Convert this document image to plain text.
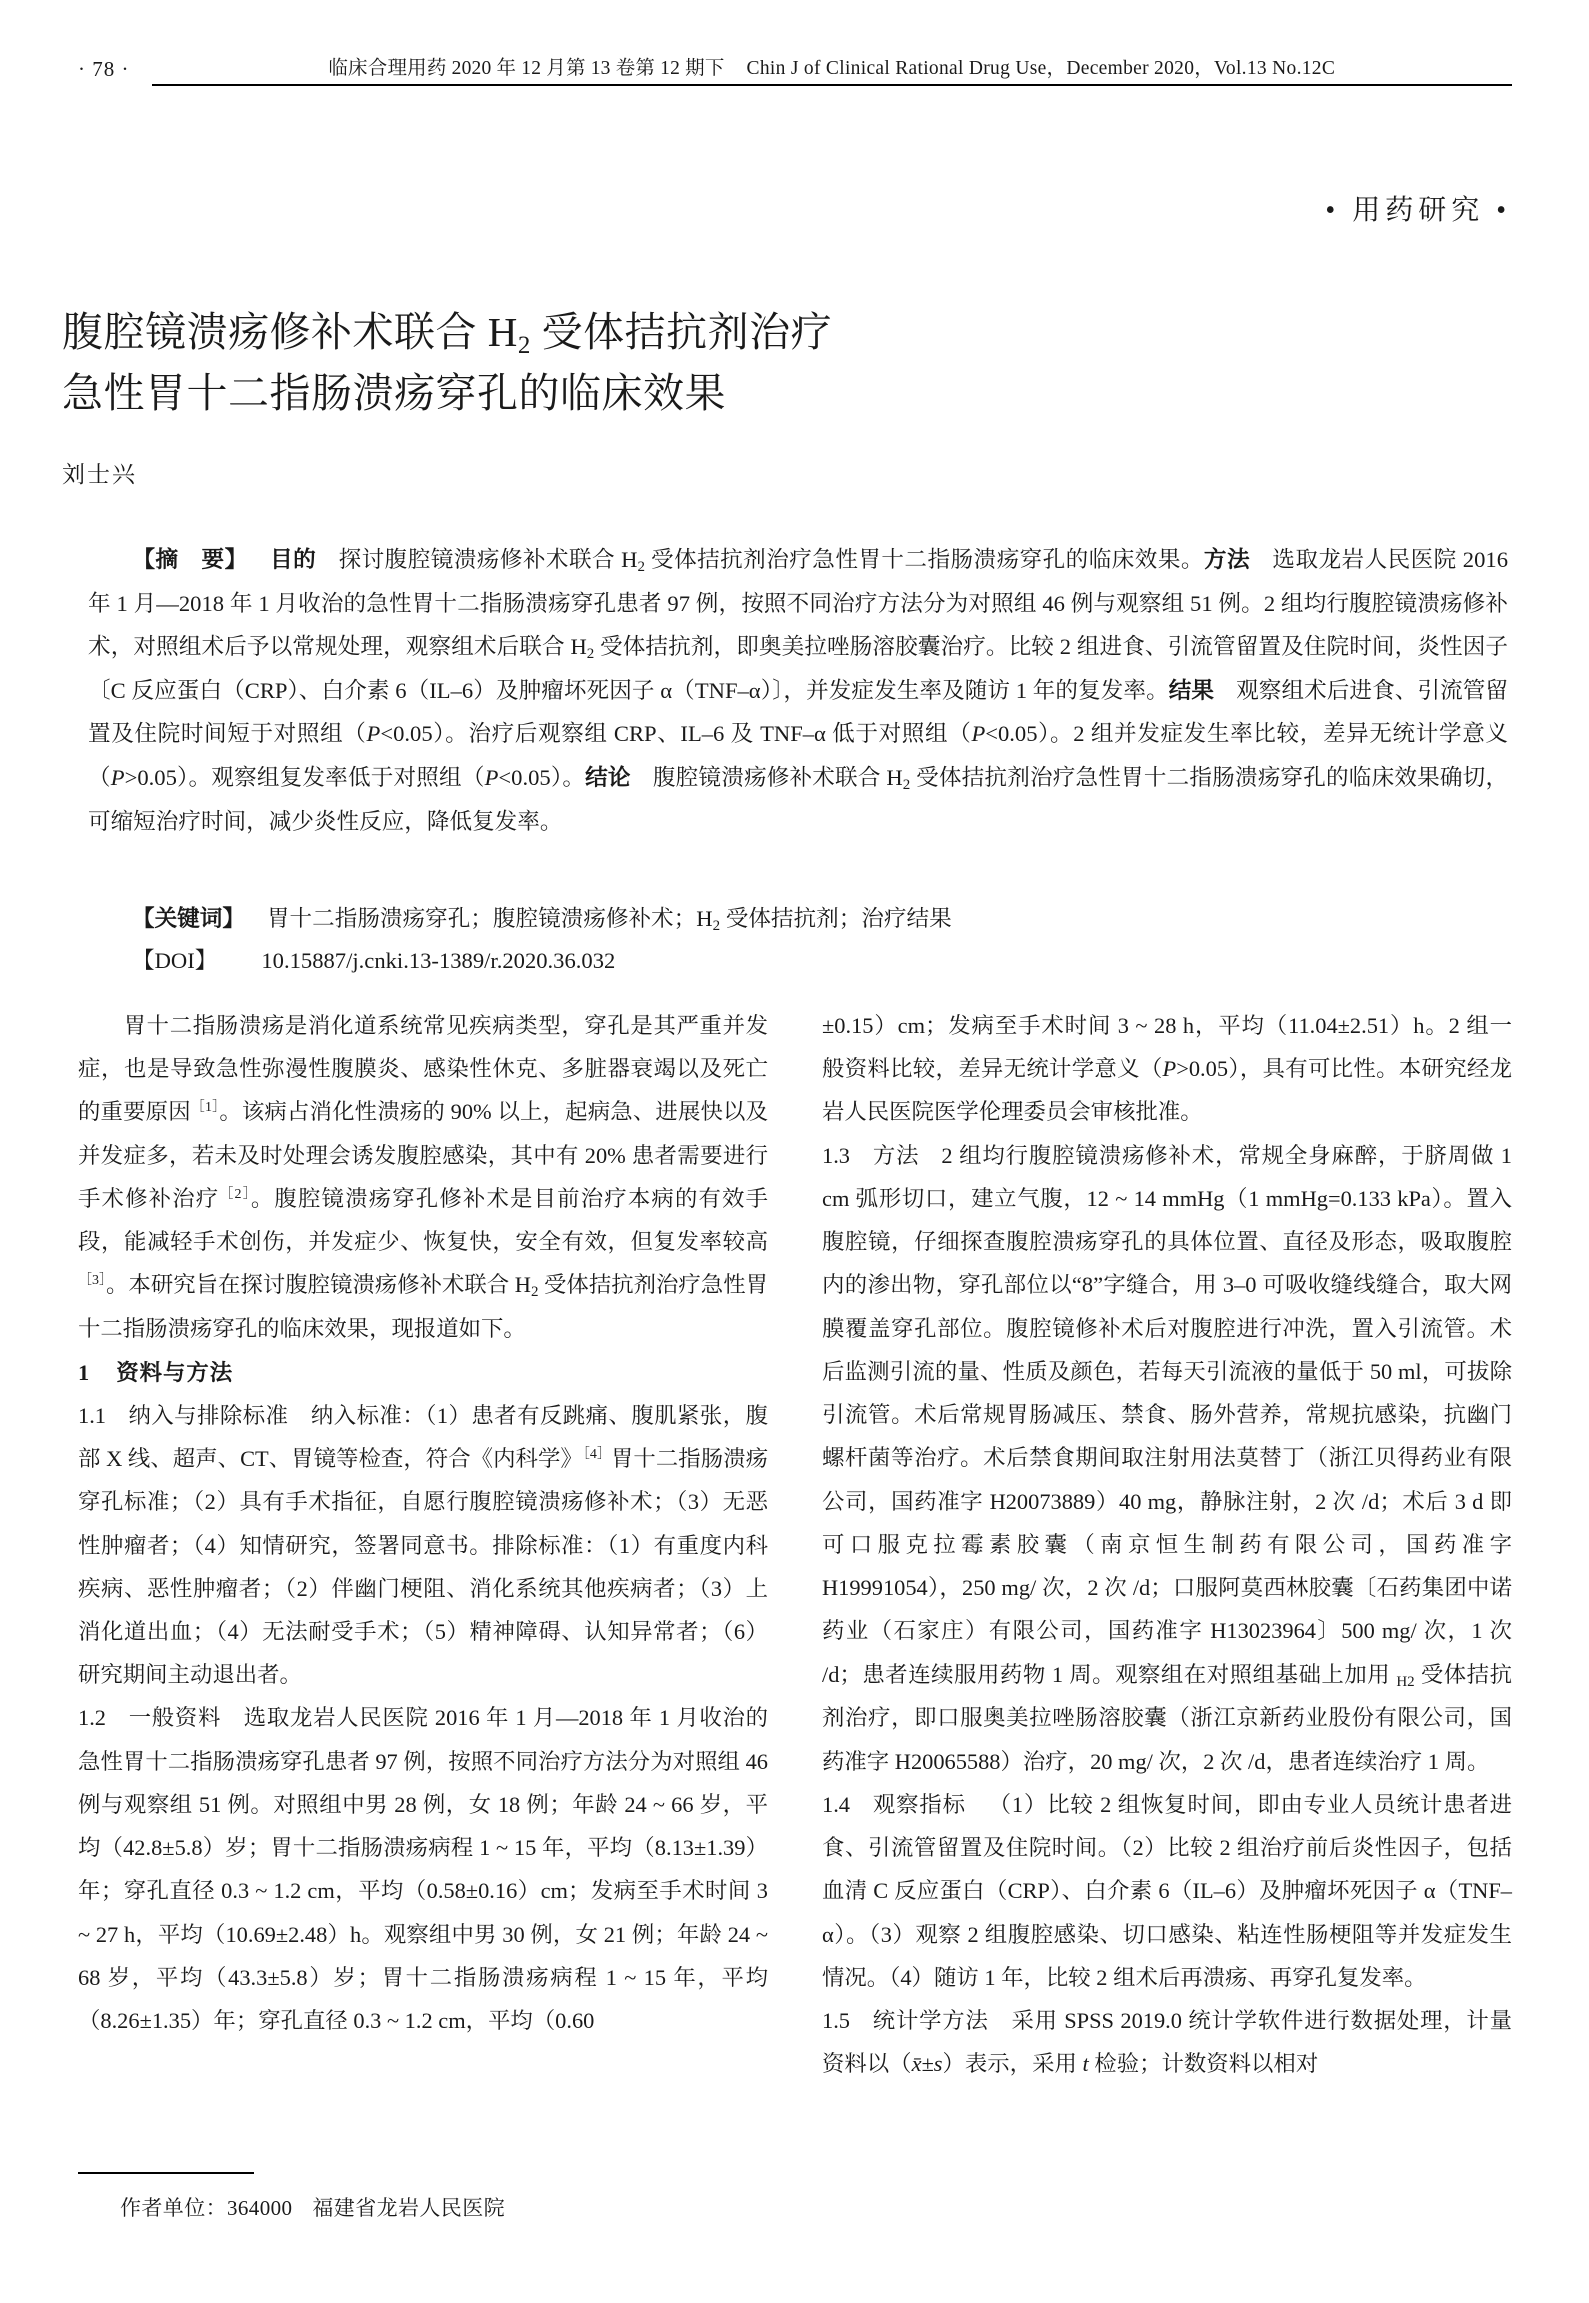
· 78 ·	临床合理用药 2020 年 12 月第 13 卷第 12 期下 Chin J of Clinical Rational Drug Use，December 2020，Vol.13 No.12C
• 用药研究 •
腹腔镜溃疡修补术联合 $H_2$ 受体拮抗剂治疗
急性胃十二指肠溃疡穿孔的临床效果
刘士兴

【摘　要】 目的 探讨腹腔镜溃疡修补术联合 $H_2$ 受体拮抗剂治疗急性胃十二指肠溃疡穿孔的临床效果。方法 选取龙岩人民医院 2016 年 1 月—2018 年 1 月收治的急性胃十二指肠溃疡穿孔患者 97 例，按照不同治疗方法分为对照组 46 例与观察组 51 例。2 组均行腹腔镜溃疡修补术，对照组术后予以常规处理，观察组术后联合 $H_2$ 受体拮抗剂，即奥美拉唑肠溶胶囊治疗。比较 2 组进食、引流管留置及住院时间，炎性因子〔C 反应蛋白（CRP）、白介素 6（IL–6）及肿瘤坏死因子 α（TNF–α）〕，并发症发生率及随访 1 年的复发率。结果 观察组术后进食、引流管留置及住院时间短于对照组（P<0.05）。治疗后观察组 CRP、IL–6 及 TNF–α 低于对照组（P<0.05）。2 组并发症发生率比较，差异无统计学意义（P>0.05）。观察组复发率低于对照组（P<0.05）。结论 腹腔镜溃疡修补术联合 $H_2$ 受体拮抗剂治疗急性胃十二指肠溃疡穿孔的临床效果确切，可缩短治疗时间，减少炎性反应，降低复发率。

【关键词】 胃十二指肠溃疡穿孔；腹腔镜溃疡修补术；$H_2$ 受体拮抗剂；治疗结果
【DOI】 10.15887/j.cnki.13-1389/r.2020.36.032

胃十二指肠溃疡是消化道系统常见疾病类型，穿孔是其严重并发症，也是导致急性弥漫性腹膜炎、感染性休克、多脏器衰竭以及死亡的重要原因$^{[1]}$。该病占消化性溃疡的 90% 以上，起病急、进展快以及并发症多，若未及时处理会诱发腹腔感染，其中有 20% 患者需要进行手术修补治疗$^{[2]}$。腹腔镜溃疡穿孔修补术是目前治疗本病的有效手段，能减轻手术创伤，并发症少、恢复快，安全有效，但复发率较高$^{[3]}$。本研究旨在探讨腹腔镜溃疡修补术联合 $H_2$ 受体拮抗剂治疗急性胃十二指肠溃疡穿孔的临床效果，现报道如下。

1 资料与方法

1.1 纳入与排除标准 纳入标准：（1）患者有反跳痛、腹肌紧张，腹部 X 线、超声、CT、胃镜等检查，符合《内科学》$^{[4]}$胃十二指肠溃疡穿孔标准；（2）具有手术指征，自愿行腹腔镜溃疡修补术；（3）无恶性肿瘤者；（4）知情研究，签署同意书。排除标准：（1）有重度内科疾病、恶性肿瘤者；（2）伴幽门梗阻、消化系统其他疾病者；（3）上消化道出血；（4）无法耐受手术；（5）精神障碍、认知异常者；（6）研究期间主动退出者。

1.2 一般资料 选取龙岩人民医院 2016 年 1 月—2018 年 1 月收治的急性胃十二指肠溃疡穿孔患者 97 例，按照不同治疗方法分为对照组 46 例与观察组 51 例。对照组中男 28 例，女 18 例；年龄 24 ~ 66 岁，平均（42.8±5.8）岁；胃十二指肠溃疡病程 1 ~ 15 年，平均（8.13±1.39）年；穿孔直径 0.3 ~ 1.2 cm，平均（0.58±0.16）cm；发病至手术时间 3 ~ 27 h，平均（10.69±2.48）h。观察组中男 30 例，女 21 例；年龄 24 ~ 68 岁，平均（43.3±5.8）岁；胃十二指肠溃疡病程 1 ~ 15 年，平均（8.26±1.35）年；穿孔直径 0.3 ~ 1.2 cm，平均（0.60

±0.15）cm；发病至手术时间 3 ~ 28 h，平均（11.04±2.51）h。2 组一般资料比较，差异无统计学意义（P>0.05），具有可比性。本研究经龙岩人民医院医学伦理委员会审核批准。

1.3 方法 2 组均行腹腔镜溃疡修补术，常规全身麻醉，于脐周做 1 cm 弧形切口，建立气腹，12 ~ 14 mmHg（1 mmHg=0.133 kPa）。置入腹腔镜，仔细探查腹腔溃疡穿孔的具体位置、直径及形态，吸取腹腔内的渗出物，穿孔部位以“8”字缝合，用 3–0 可吸收缝线缝合，取大网膜覆盖穿孔部位。腹腔镜修补术后对腹腔进行冲洗，置入引流管。术后监测引流的量、性质及颜色，若每天引流液的量低于 50 ml，可拔除引流管。术后常规胃肠减压、禁食、肠外营养，常规抗感染，抗幽门螺杆菌等治疗。术后禁食期间取注射用法莫替丁（浙江贝得药业有限公司，国药准字 H20073889）40 mg，静脉注射，2 次 /d；术后 3 d 即可口服克拉霉素胶囊（南京恒生制药有限公司，国药准字 H19991054），250 mg/ 次，2 次 /d；口服阿莫西林胶囊〔石药集团中诺药业（石家庄）有限公司，国药准字 H13023964〕500 mg/ 次，1 次 /d；患者连续服用药物 1 周。观察组在对照组基础上加用 $_{H2}$ 受体拮抗剂治疗，即口服奥美拉唑肠溶胶囊（浙江京新药业股份有限公司，国药准字 H20065588）治疗，20 mg/ 次，2 次 /d，患者连续治疗 1 周。

1.4 观察指标 （1）比较 2 组恢复时间，即由专业人员统计患者进食、引流管留置及住院时间。（2）比较 2 组治疗前后炎性因子，包括血清 C 反应蛋白（CRP）、白介素 6（IL–6）及肿瘤坏死因子 α（TNF–α）。（3）观察 2 组腹腔感染、切口感染、粘连性肠梗阻等并发症发生情况。（4）随访 1 年，比较 2 组术后再溃疡、再穿孔复发率。

1.5 统计学方法 采用 SPSS 2019.0 统计学软件进行数据处理，计量资料以（x̄±s）表示，采用 t 检验；计数资料以相对

作者单位：364000 福建省龙岩人民医院
